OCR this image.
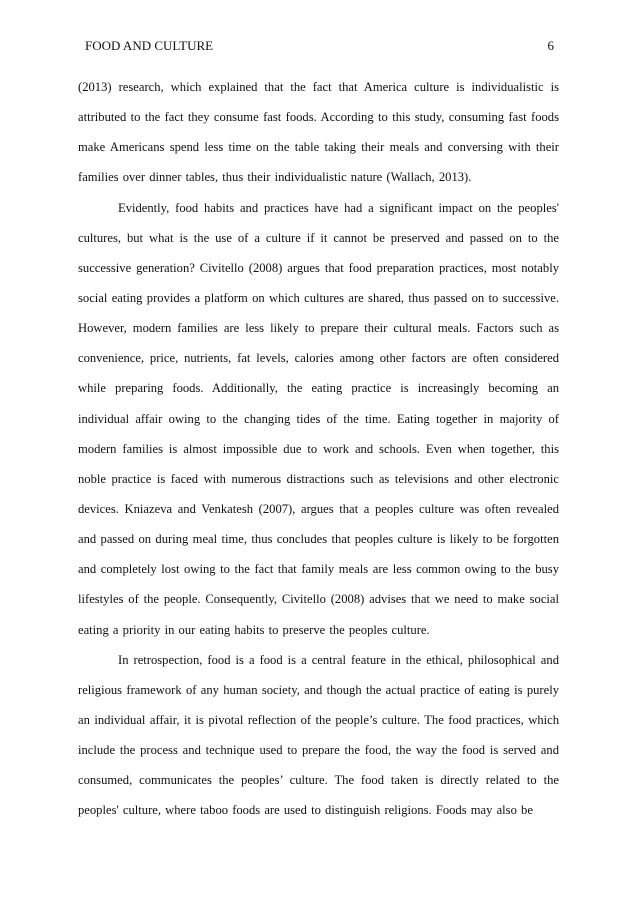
FOOD AND CULTURE	6
(2013) research, which explained that the fact that America culture is individualistic is
attributed to the fact they consume fast foods. According to this study, consuming fast foods
make Americans spend less time on the table taking their meals and conversing with their
families over dinner tables, thus their individualistic nature (Wallach, 2013).
Evidently, food habits and practices have had a significant impact on the peoples'
cultures, but what is the use of a culture if it cannot be preserved and passed on to the
successive generation? Civitello (2008) argues that food preparation practices, most notably
social eating provides a platform on which cultures are shared, thus passed on to successive.
However, modern families are less likely to prepare their cultural meals. Factors such as
convenience, price, nutrients, fat levels, calories among other factors are often considered
while preparing foods. Additionally, the eating practice is increasingly becoming an
individual affair owing to the changing tides of the time. Eating together in majority of
modern families is almost impossible due to work and schools. Even when together, this
noble practice is faced with numerous distractions such as televisions and other electronic
devices. Kniazeva and Venkatesh (2007), argues that a peoples culture was often revealed
and passed on during meal time, thus concludes that peoples culture is likely to be forgotten
and completely lost owing to the fact that family meals are less common owing to the busy
lifestyles of the people. Consequently, Civitello (2008) advises that we need to make social
eating a priority in our eating habits to preserve the peoples culture.
In retrospection, food is a food is a central feature in the ethical, philosophical and
religious framework of any human society, and though the actual practice of eating is purely
an individual affair, it is pivotal reflection of the people’s culture. The food practices, which
include the process and technique used to prepare the food, the way the food is served and
consumed, communicates the peoples’ culture. The food taken is directly related to the
peoples' culture, where taboo foods are used to distinguish religions. Foods may also be
